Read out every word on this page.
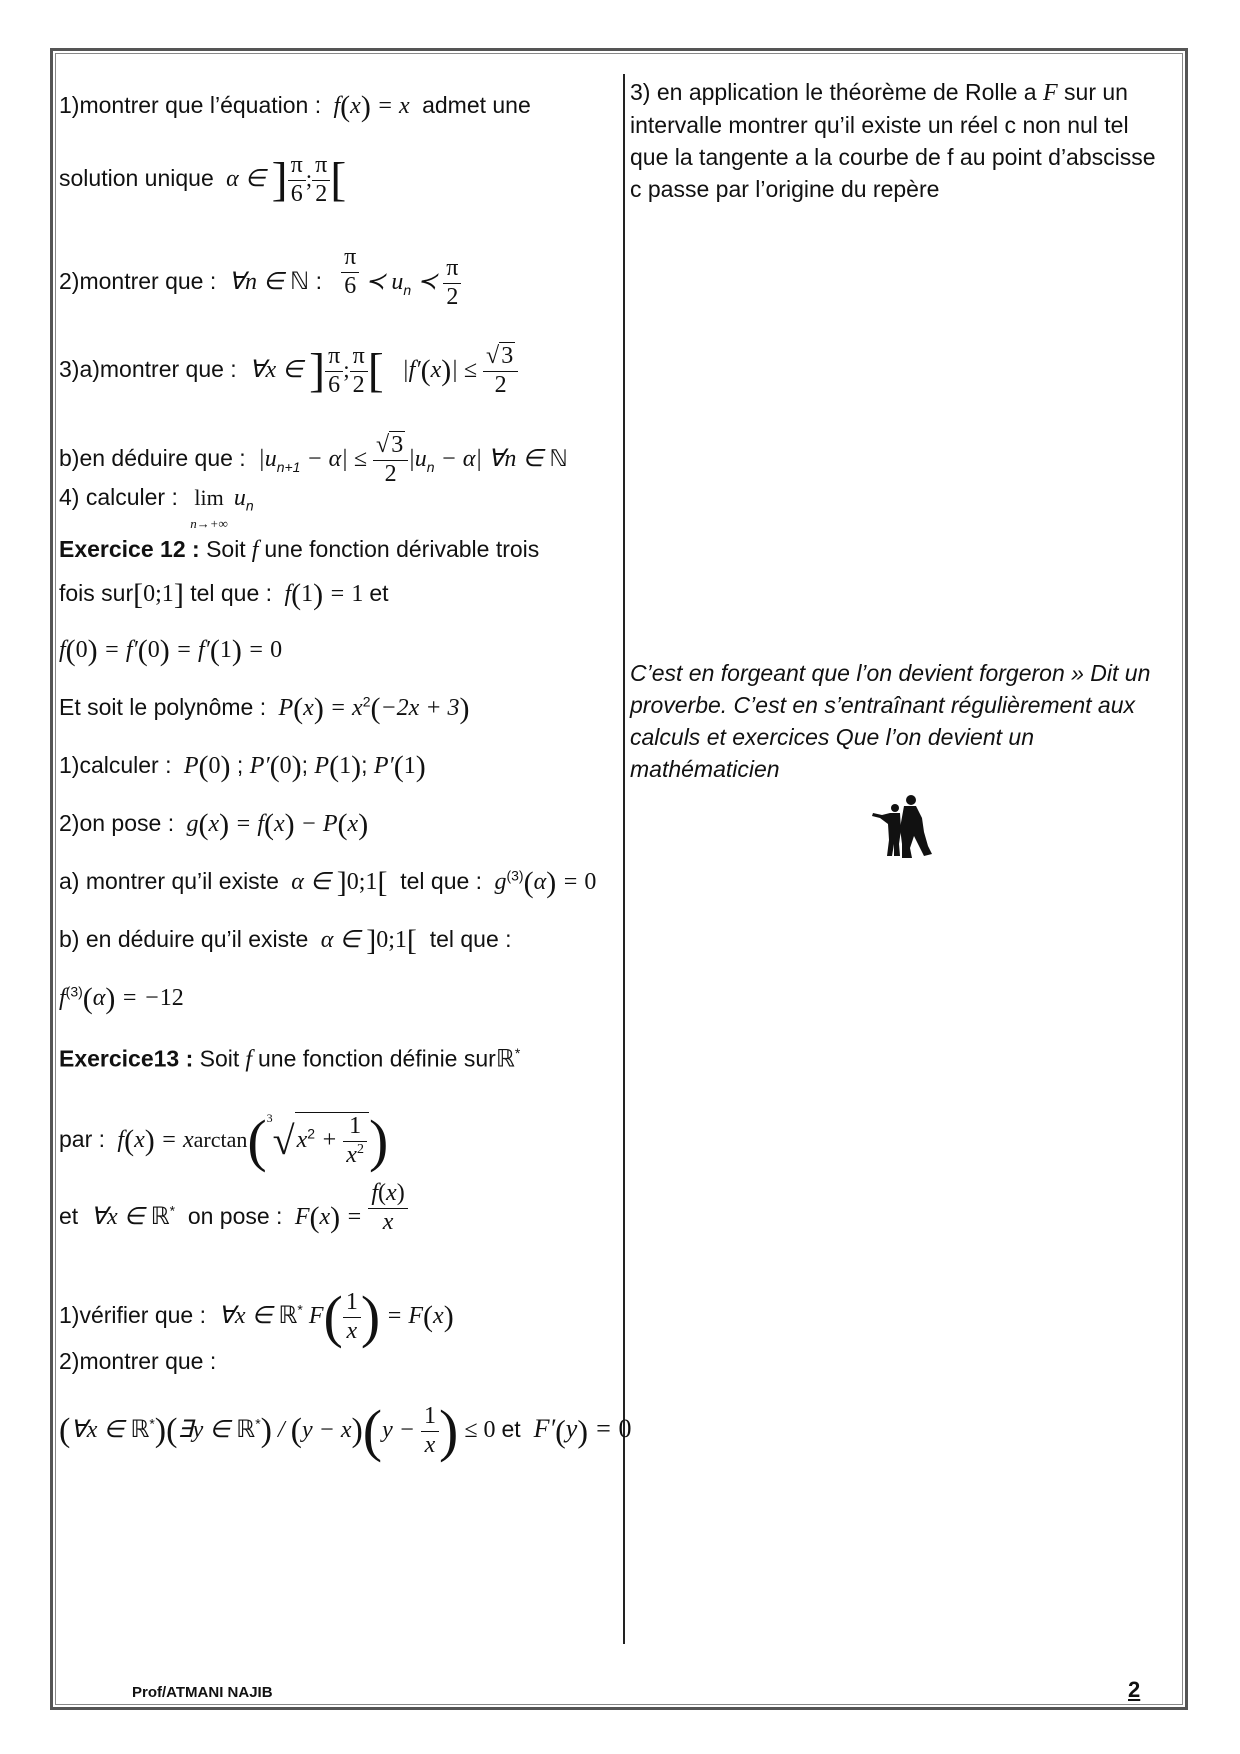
1)montrer que l’équation :  f(x) = x  admet une
solution unique  α ∈ ] $\frac{\pi}{6}$ ; $\frac{\pi}{2}$ [
2)montrer que :  ∀n ∈ ℕ : $\frac{\pi}{6}$ ≺ $u_n$ ≺ $\frac{\pi}{2}$
3)a)montrer que :  ∀x ∈ ] $\frac{\pi}{6}$ ; $\frac{\pi}{2}$ [   $|f'(x)| \le \frac{√3}{2}$
b)en déduire que :  $|u_{n+1} - \alpha| \le \frac{√3}{2} |u_n - \alpha|$ ∀n ∈ ℕ
4) calculer : lim
n→+∞ $u_n$
Exercice 12 : Soit f une fonction dérivable trois
fois sur[0;1] tel que :  f(1) = 1 et
f(0) = f′(0) = f′(1) = 0
Et soit le polynôme :  $P(x) = x^2(-2x + 3)$
1)calculer :  P(0) ; P′(0); P(1); P′(1)
2)on pose :  g(x) = f(x) − P(x)
a) montrer qu’il existe  α ∈ ]0;1[ tel que :  $g^{(3)}(\alpha) = 0$
b) en déduire qu’il existe  α ∈ ]0;1[ tel que :
$f^{(3)}(\alpha) = -12$
Exercice13 : Soit f une fonction définie surℝ*
par :  $f(x) = xarctan(^3√x^2 + \frac{1}{x^2}$ )
et  ∀x ∈ ℝ* on pose :  $F(x) = \frac{f(x)}{x}$
1)vérifier que :  ∀x ∈ ℝ* $F( \frac{1}{x}$ ) = F(x)
2)montrer que :
(∀x ∈ ℝ*)(∃y ∈ ℝ*) / $(y - x)(y - \frac{1}{x}$ ) ≤ 0 et  F′(y) = 0
3) en application le théorème de Rolle a F sur un intervalle montrer qu’il existe un réel c non nul tel que la tangente a la courbe de f au point d’abscisse c passe par l’origine du repère
C’est en forgeant que l’on devient forgeron » Dit un proverbe. C’est en s’entraînant régulièrement aux calculs et exercices Que l’on devient un mathématicien
Prof/ATMANI NAJIB	2
